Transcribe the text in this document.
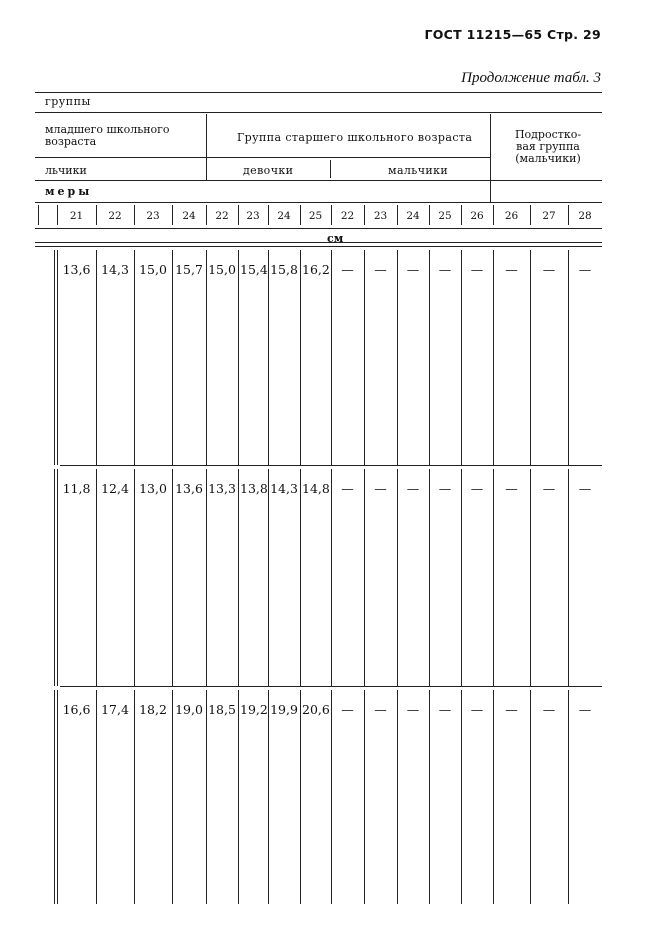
ГОСТ 11215—65 Стр. 29
Продолжение табл. 3
группы
младшего школьного
возраста	Группа старшего школьного возраста	Подростко-
вая группа
(мальчики)
льчики	девочки	мальчики
меры
см
21	22	23	24	22	23	24	25	22	23	24	25	26	26	27	28
13,6 14,3 15,0 15,7 15,0 15,4 15,8 16,2 —	—	—	—	—	—	—	—
11,8 12,4 13,0 13,6 13,3 13,8 14,3 14,8 —	—	—	—	—	—	—	—
16,6 17,4 18,2 19,0 18,5 19,2 19,9 20,6 —	—	—	—	—	—	—	—
